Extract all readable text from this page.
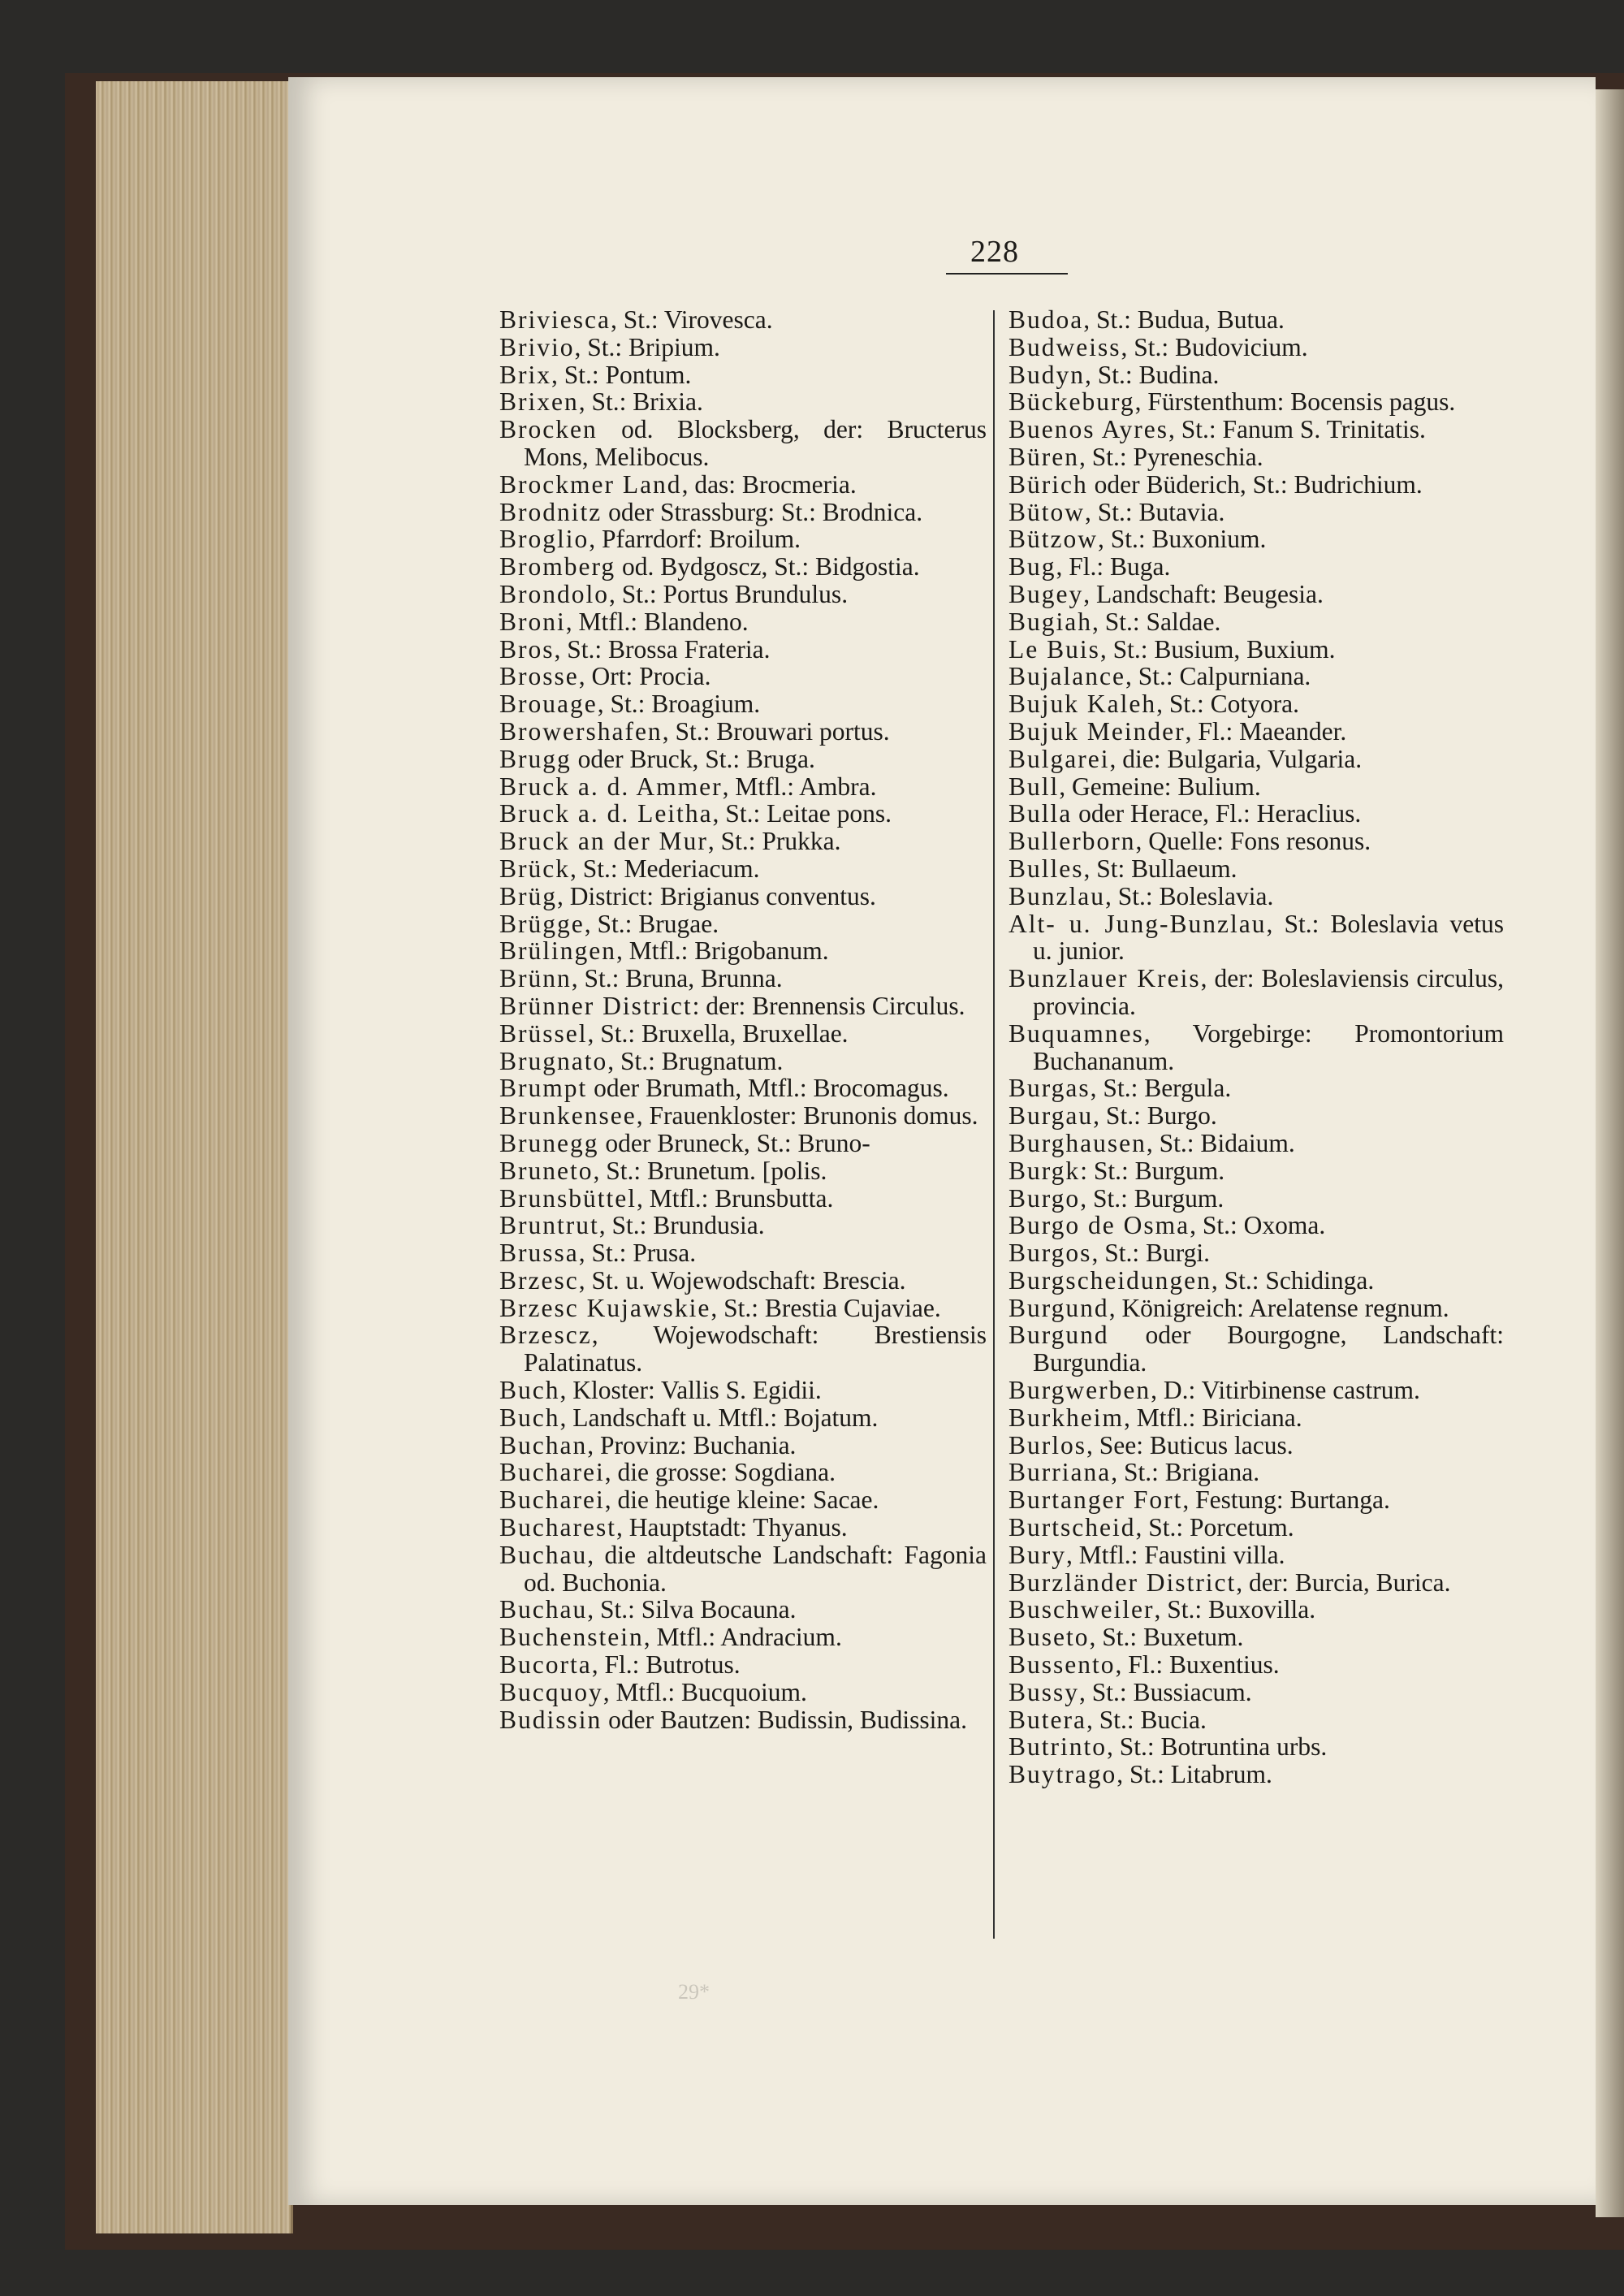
228
Briviesca, St.: Virovesca.
Brivio, St.: Bripium.
Brix, St.: Pontum.
Brixen, St.: Brixia.
Brocken od. Blocksberg, der: Bructerus Mons, Melibocus.
Brockmer Land, das: Brocmeria.
Brodnitz oder Strassburg: St.: Brodnica.
Broglio, Pfarrdorf: Broilum.
Bromberg od. Bydgoscz, St.: Bidgostia.
Brondolo, St.: Portus Brundulus.
Broni, Mtfl.: Blandeno.
Bros, St.: Brossa Frateria.
Brosse, Ort: Procia.
Brouage, St.: Broagium.
Browershafen, St.: Brouwari portus.
Brugg oder Bruck, St.: Bruga.
Bruck a. d. Ammer, Mtfl.: Ambra.
Bruck a. d. Leitha, St.: Leitae pons.
Bruck an der Mur, St.: Prukka.
Brück, St.: Mederiacum.
Brüg, District: Brigianus conventus.
Brügge, St.: Brugae.
Brülingen, Mtfl.: Brigobanum.
Brünn, St.: Bruna, Brunna.
Brünner District: der: Brennensis Circulus.
Brüssel, St.: Bruxella, Bruxellae.
Brugnato, St.: Brugnatum.
Brumpt oder Brumath, Mtfl.: Brocomagus.
Brunkensee, Frauenkloster: Brunonis domus.
Brunegg oder Bruneck, St.: Bruno-
Bruneto, St.: Brunetum. [polis.
Brunsbüttel, Mtfl.: Brunsbutta.
Bruntrut, St.: Brundusia.
Brussa, St.: Prusa.
Brzesc, St. u. Wojewodschaft: Brescia.
Brzesc Kujawskie, St.: Brestia Cujaviae.
Brzescz, Wojewodschaft: Brestiensis Palatinatus.
Buch, Kloster: Vallis S. Egidii.
Buch, Landschaft u. Mtfl.: Bojatum.
Buchan, Provinz: Buchania.
Bucharei, die grosse: Sogdiana.
Bucharei, die heutige kleine: Sacae.
Bucharest, Hauptstadt: Thyanus.
Buchau, die altdeutsche Landschaft: Fagonia od. Buchonia.
Buchau, St.: Silva Bocauna.
Buchenstein, Mtfl.: Andracium.
Bucorta, Fl.: Butrotus.
Bucquoy, Mtfl.: Bucquoium.
Budissin oder Bautzen: Budissin, Budissina.
Budoa, St.: Budua, Butua.
Budweiss, St.: Budovicium.
Budyn, St.: Budina.
Bückeburg, Fürstenthum: Bocensis pagus.
Buenos Ayres, St.: Fanum S. Trinitatis.
Büren, St.: Pyreneschia.
Bürich oder Büderich, St.: Budrichium.
Bütow, St.: Butavia.
Bützow, St.: Buxonium.
Bug, Fl.: Buga.
Bugey, Landschaft: Beugesia.
Bugiah, St.: Saldae.
Le Buis, St.: Busium, Buxium.
Bujalance, St.: Calpurniana.
Bujuk Kaleh, St.: Cotyora.
Bujuk Meinder, Fl.: Maeander.
Bulgarei, die: Bulgaria, Vulgaria.
Bull, Gemeine: Bulium.
Bulla oder Herace, Fl.: Heraclius.
Bullerborn, Quelle: Fons resonus.
Bulles, St: Bullaeum.
Bunzlau, St.: Boleslavia.
Alt- u. Jung-Bunzlau, St.: Boleslavia vetus u. junior.
Bunzlauer Kreis, der: Boleslaviensis circulus, provincia.
Buquamnes, Vorgebirge: Promontorium Buchananum.
Burgas, St.: Bergula.
Burgau, St.: Burgo.
Burghausen, St.: Bidaium.
Burgk: St.: Burgum.
Burgo, St.: Burgum.
Burgo de Osma, St.: Oxoma.
Burgos, St.: Burgi.
Burgscheidungen, St.: Schidinga.
Burgund, Königreich: Arelatense regnum.
Burgund oder Bourgogne, Landschaft: Burgundia.
Burgwerben, D.: Vitirbinense castrum.
Burkheim, Mtfl.: Biriciana.
Burlos, See: Buticus lacus.
Burriana, St.: Brigiana.
Burtanger Fort, Festung: Burtanga.
Burtscheid, St.: Porcetum.
Bury, Mtfl.: Faustini villa.
Burzländer District, der: Burcia, Burica.
Buschweiler, St.: Buxovilla.
Buseto, St.: Buxetum.
Bussento, Fl.: Buxentius.
Bussy, St.: Bussiacum.
Butera, St.: Bucia.
Butrinto, St.: Botruntina urbs.
Buytrago, St.: Litabrum.
29*
